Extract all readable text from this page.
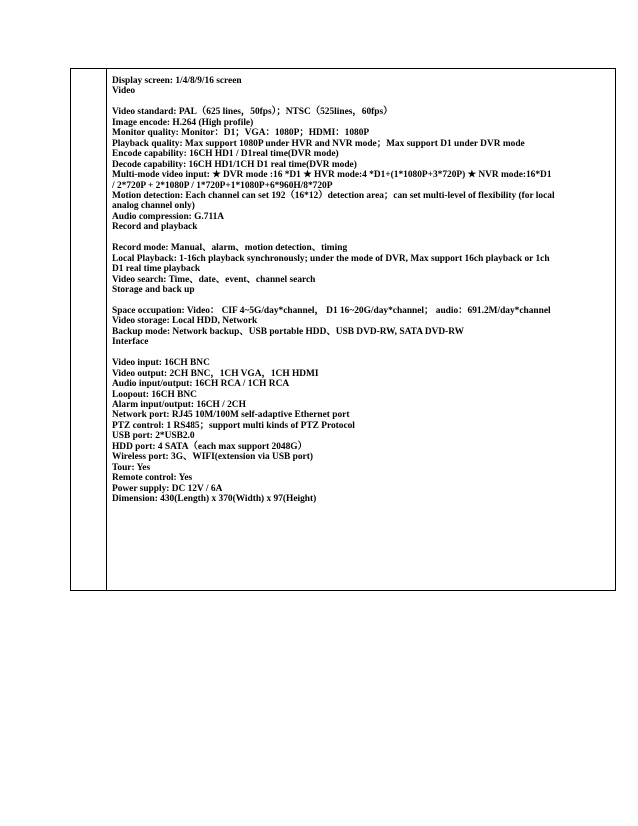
Display screen: 1/4/8/9/16 screen
Video
Video standard: PAL（625 lines，50fps）；NTSC（525lines，60fps）
Image encode: H.264 (High profile)
Monitor quality: Monitor：D1；VGA：1080P；HDMI：1080P
Playback quality: Max support 1080P under HVR and NVR mode；Max support D1 under DVR mode
Encode capability: 16CH HD1 / D1real time(DVR mode)
Decode capability: 16CH HD1/1CH D1 real time(DVR mode)
Multi-mode video input: ★ DVR mode :16 *D1 ★ HVR mode:4 *D1+(1*1080P+3*720P) ★ NVR mode:16*D1
/ 2*720P + 2*1080P / 1*720P+1*1080P+6*960H/8*720P
Motion detection: Each channel can set 192（16*12）detection area；can set multi-level of flexibility (for local
analog channel only)
Audio compression: G.711A
Record and playback
Record mode: Manual、alarm、motion detection、timing
Local Playback: 1-16ch playback synchronously; under the mode of DVR, Max support 16ch playback or 1ch
D1 real time playback
Video search: Time、date、event、channel search
Storage and back up
Space occupation: Video： CIF 4~5G/day*channel， D1 16~20G/day*channel； audio：691.2M/day*channel
Video storage: Local HDD, Network
Backup mode: Network backup、USB portable HDD、USB DVD-RW, SATA DVD-RW
Interface
Video input: 16CH BNC
Video output: 2CH BNC，1CH VGA，1CH HDMI
Audio input/output: 16CH RCA / 1CH RCA
Loopout: 16CH BNC
Alarm input/output: 16CH / 2CH
Network port: RJ45 10M/100M self-adaptive Ethernet port
PTZ control: 1 RS485；support multi kinds of PTZ Protocol
USB port: 2*USB2.0
HDD port: 4 SATA（each max support 2048G）
Wireless port: 3G、WIFI(extension via USB port)
Tour: Yes
Remote control: Yes
Power supply: DC 12V / 6A
Dimension: 430(Length) x 370(Width) x 97(Height)
